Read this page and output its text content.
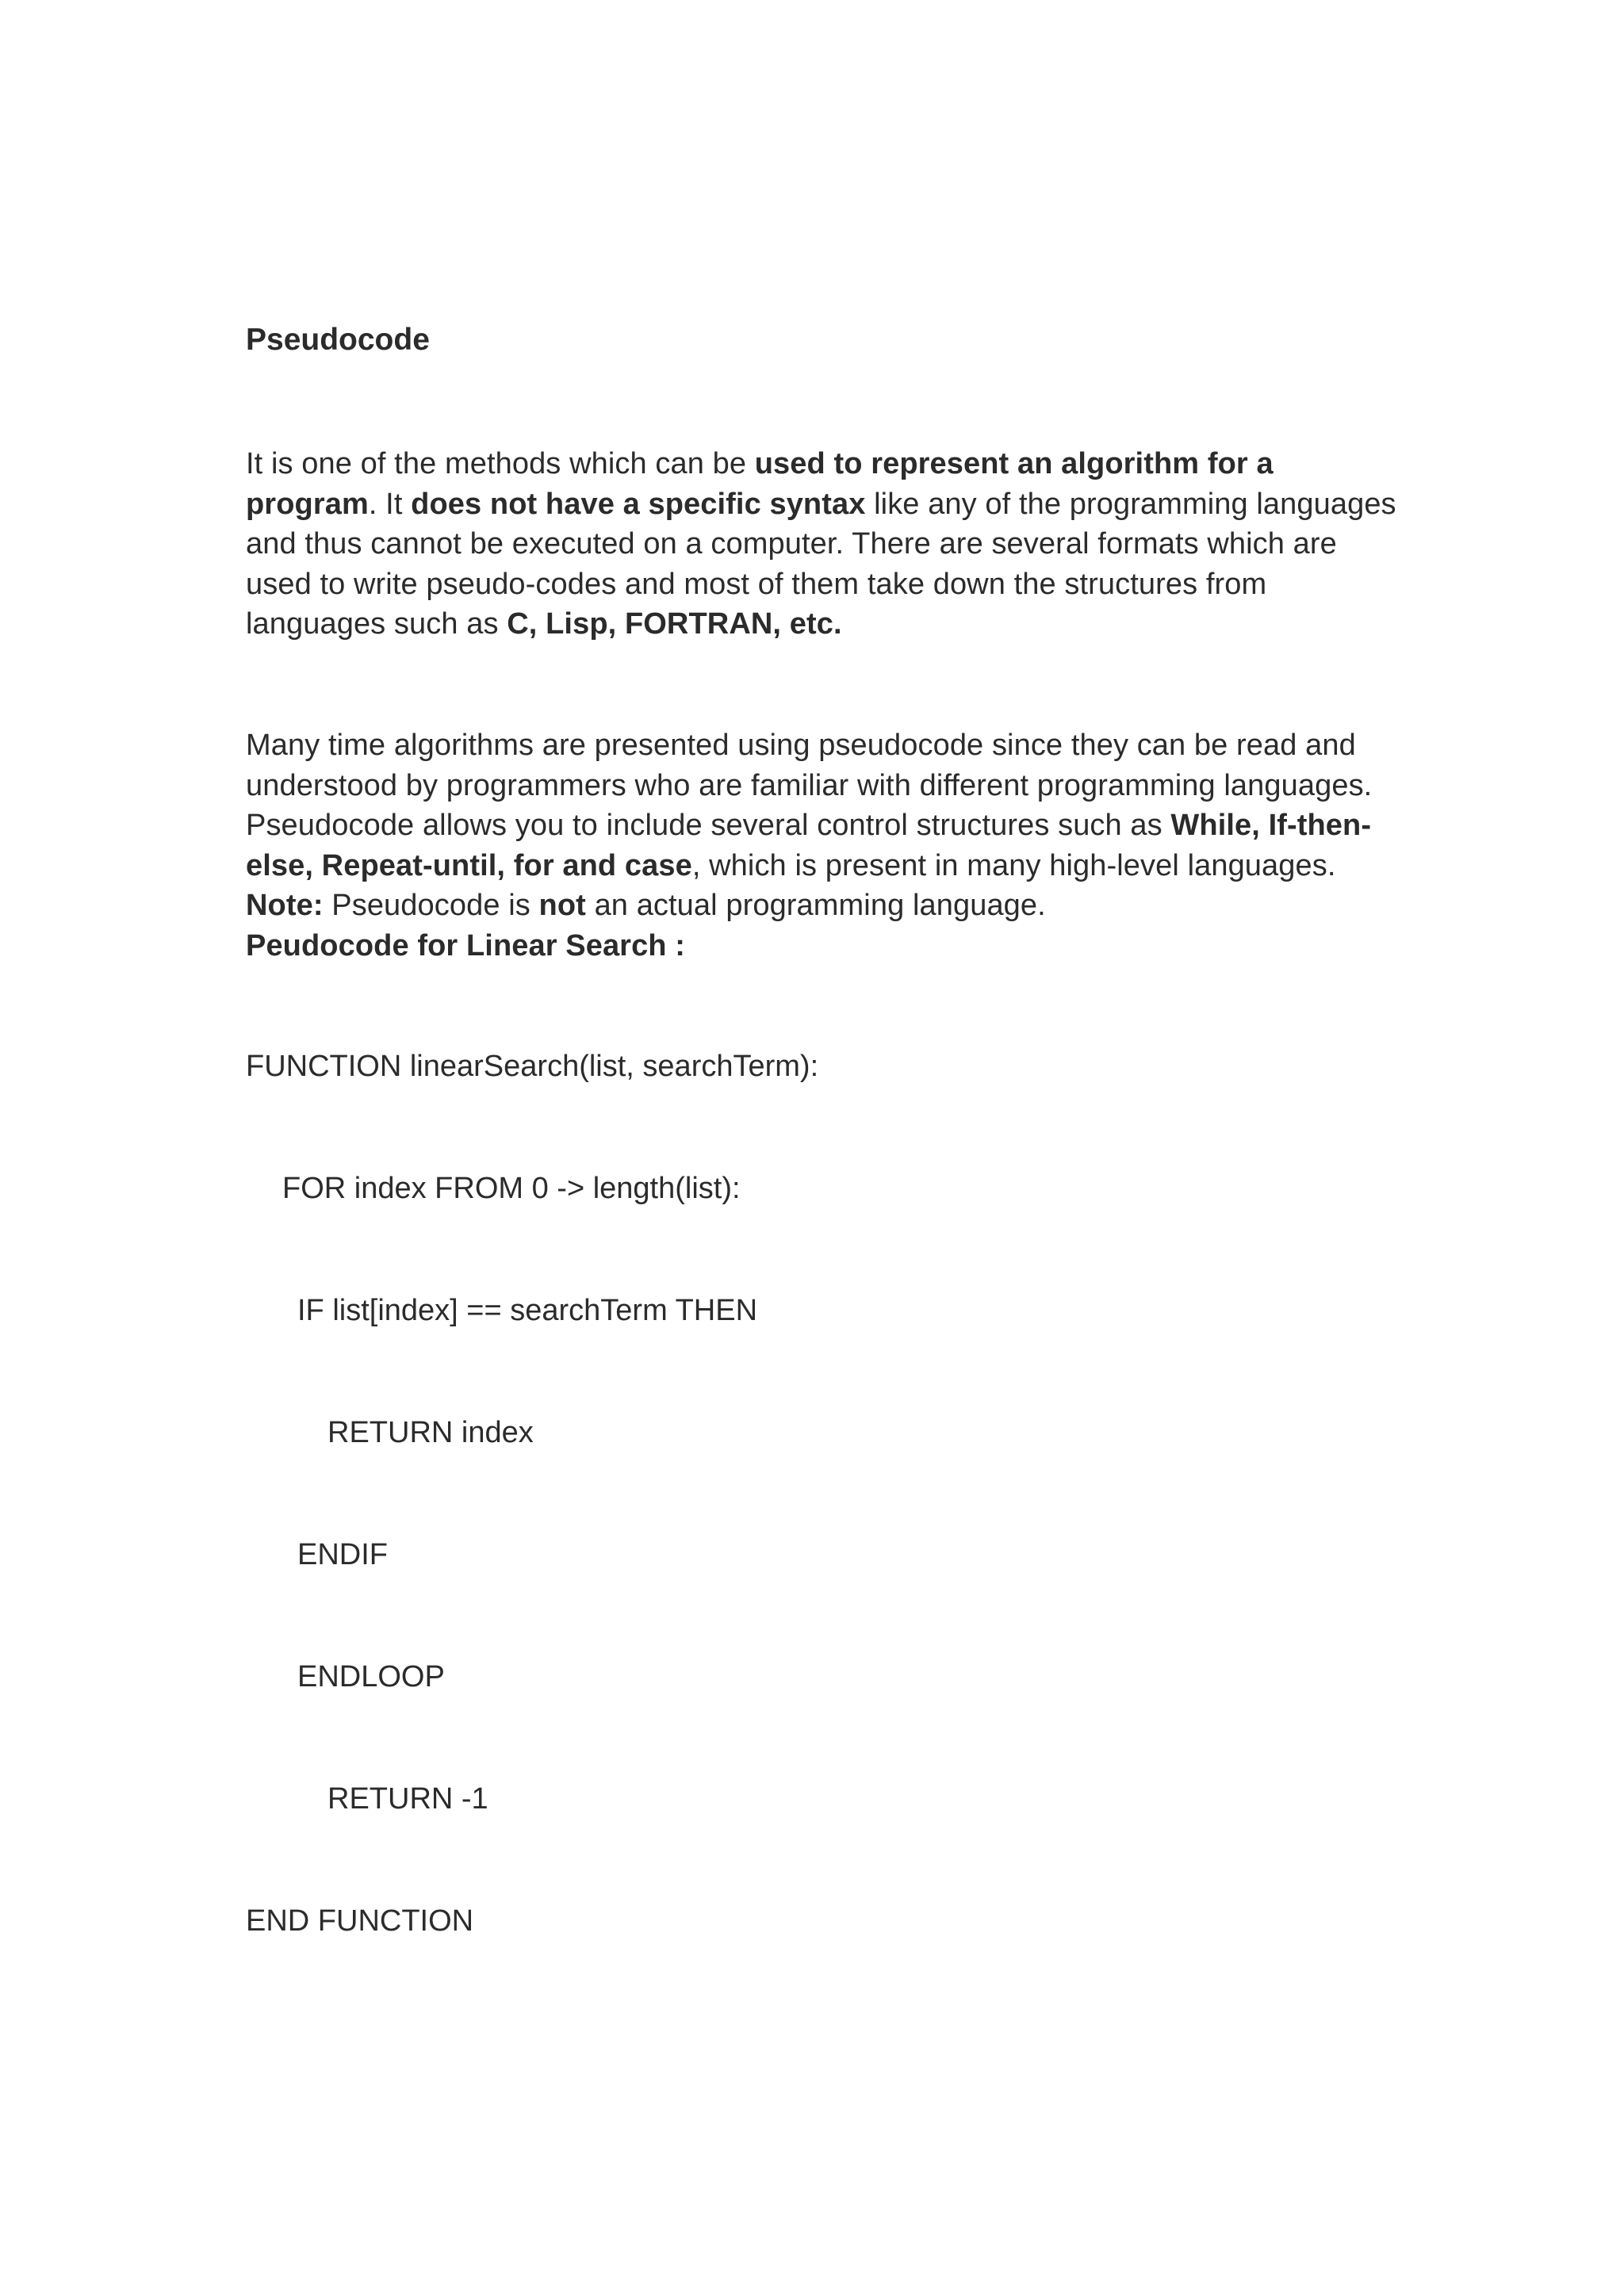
Pseudocode

It is one of the methods which can be used to represent an algorithm for a program. It does not have a specific syntax like any of the programming languages and thus cannot be executed on a computer. There are several formats which are used to write pseudo-codes and most of them take down the structures from languages such as C, Lisp, FORTRAN, etc.

Many time algorithms are presented using pseudocode since they can be read and understood by programmers who are familiar with different programming languages. Pseudocode allows you to include several control structures such as While, If-then-else, Repeat-until, for and case, which is present in many high-level languages.
Note: Pseudocode is not an actual programming language.
Peudocode for Linear Search :

FUNCTION linearSearch(list, searchTerm):

FOR index FROM 0 -> length(list):

IF list[index] == searchTerm THEN

RETURN index

ENDIF

ENDLOOP

RETURN -1

END FUNCTION
